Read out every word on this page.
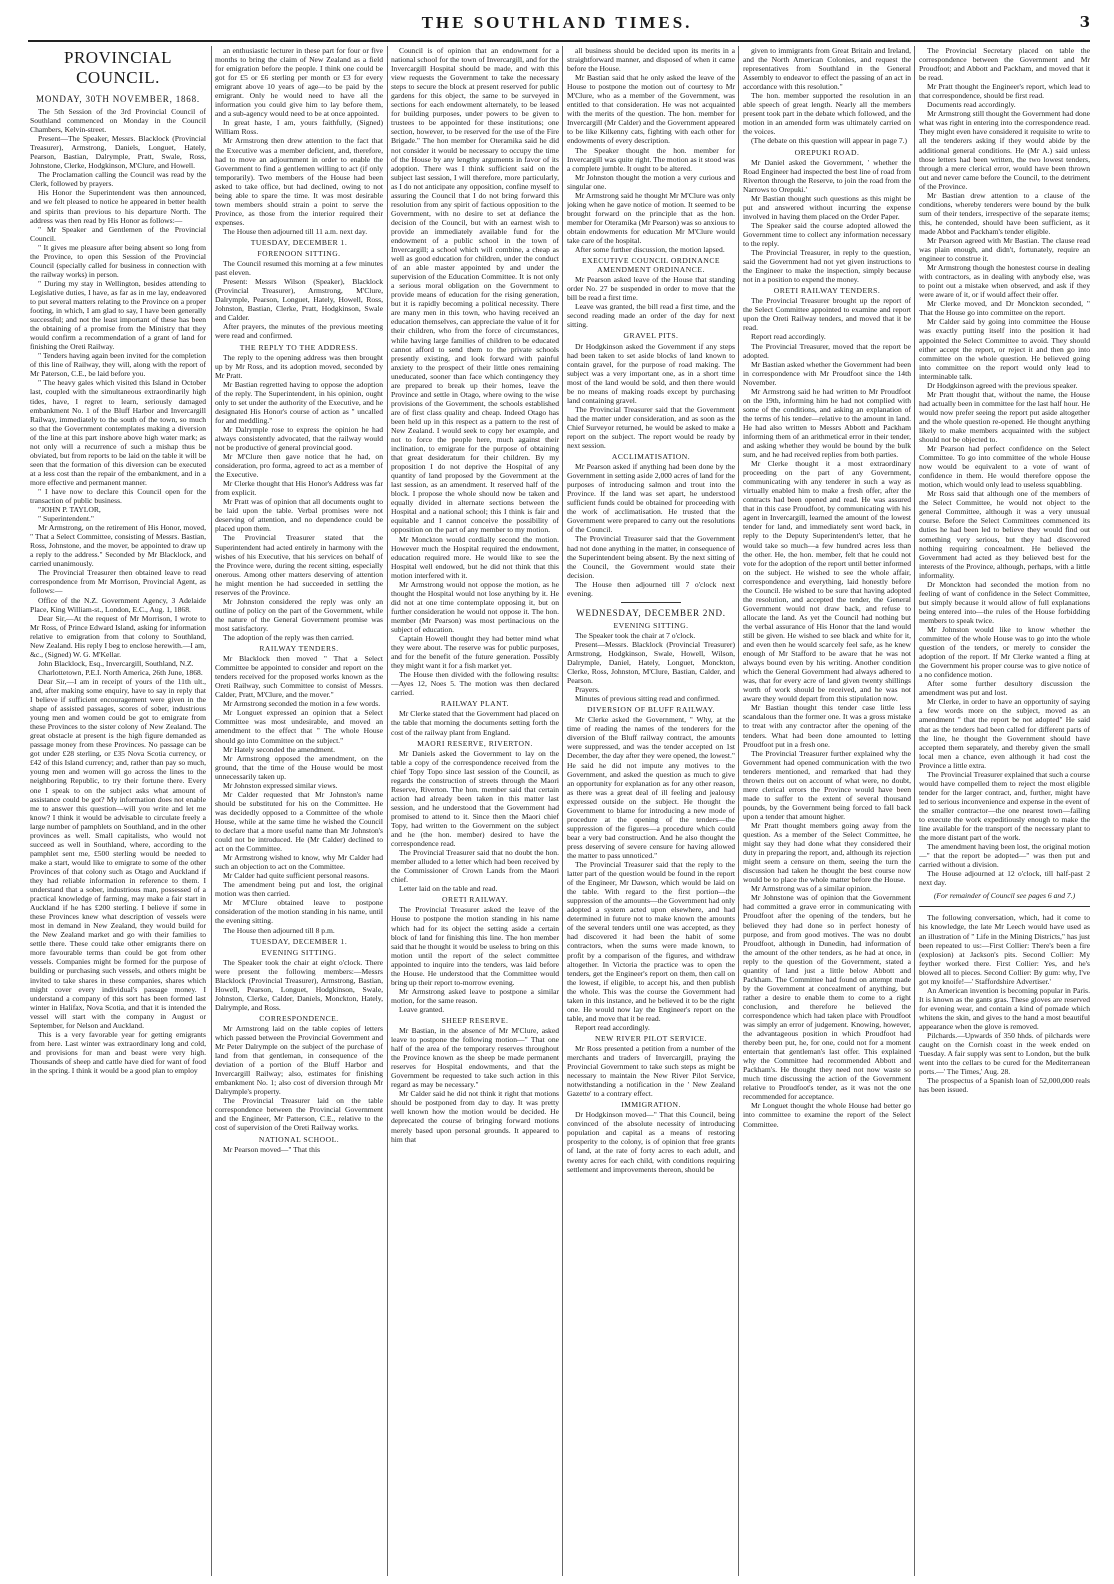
THE SOUTHLAND TIMES.	3
PROVINCIAL COUNCIL.
MONDAY, 30TH NOVEMBER, 1868.

The 5th Session of the 3rd Provincial Council of Southland commenced on Monday in the Council Chambers, Kelvin-street.

Present—The Speaker, Messrs. Blacklock (Provincial Treasurer), Armstrong, Daniels, Longuet, Hately, Pearson, Bastian, Dalrymple, Pratt, Swale, Ross, Johnstone, Clerke, Hodgkinson, M'Clure, and Howell.

The Proclamation calling the Council was read by the Clerk, followed by prayers.

His Honor the Superintendent was then announced, and we felt pleased to notice he appeared in better health and spirits than previous to his departure North. The address was then read by His Honor as follows:—

" Mr Speaker and Gentlemen of the Provincial Council.

" It gives me pleasure after being absent so long from the Province, to open this Session of the Provincial Council (specially called for business in connection with the railway works) in person.

" During my stay in Wellington, besides attending to Legislative duties, I have, as far as in me lay, endeavored to put several matters relating to the Province on a proper footing, in which, I am glad to say, I have been generally successful; and not the least important of these has been the obtaining of a promise from the Ministry that they would confirm a recommendation of a grant of land for finishing the Oreti Railway.

" Tenders having again been invited for the completion of this line of Railway, they will, along with the report of Mr Paterson, C.E., be laid before you.

" The heavy gales which visited this Island in October last, coupled with the simultaneous extraordinarily high tides, have, I regret to learn, seriously damaged embankment No. 1 of the Bluff Harbor and Invercargill Railway, immediately to the south of the town, so much so that the Government contemplates making a diversion of the line at this part inshore above high water mark; as not only will a recurrence of such a mishap thus be obviated, but from reports to be laid on the table it will be seen that the formation of this diversion can be executed at a less cost than the repair of the embankment, and in a more effective and permanent manner.

" I have now to declare this Council open for the transaction of public business.

"JOHN P. TAYLOR,

" Superintendent."

Mr Armstrong, on the retirement of His Honor, moved, " That a Select Committee, consisting of Messrs. Bastian, Ross, Johnstone, and the mover, be appointed to draw up a reply to the address." Seconded by Mr Blacklock, and carried unanimously.

The Provincial Treasurer then obtained leave to read correspondence from Mr Morrison, Provincial Agent, as follows:—

Office of the N.Z. Government Agency, 3 Adelaide Place, King William-st., London, E.C., Aug. 1, 1868.

Dear Sir,—At the request of Mr Morrison, I wrote to Mr Ross, of Prince Edward Island, asking for information relative to emigration from that colony to Southland, New Zealand. His reply I beg to enclose herewith.—I am, &c., (Signed) W. G. M'Kellar.

John Blacklock, Esq., Invercargill, Southland, N.Z.

Charlottetown, P.E.I. North America, 26th June, 1868.

Dear Sir,—I am in receipt of yours of the 11th ult., and, after making some enquiry, have to say in reply that I believe if sufficient encouragement were given in the shape of assisted passages, scores of sober, industrious young men and women could be got to emigrate from these Provinces to the sister colony of New Zealand. The great obstacle at present is the high figure demanded as passage money from these Provinces. No passage can be got under £28 sterling, or £35 Nova Scotia currency, or £42 of this Island currency; and, rather than pay so much, young men and women will go across the lines to the neighboring Republic, to try their fortune there. Every one I speak to on the subject asks what amount of assistance could be got? My information does not enable me to answer this question—will you write and let me know? I think it would be advisable to circulate freely a large number of pamphlets on Southland, and in the other provinces as well. Small capitalists, who would not succeed as well in Southland, where, according to the pamphlet sent me, £500 sterling would be needed to make a start, would like to emigrate to some of the other Provinces of that colony such as Otago and Auckland if they had reliable information in reference to them. I understand that a sober, industrious man, possessed of a practical knowledge of farming, may make a fair start in Auckland if he has £200 sterling. I believe if some in these Provinces knew what description of vessels were most in demand in New Zealand, they would build for the New Zealand market and go with their families to settle there. These could take other emigrants there on more favourable terms than could be got from other vessels. Companies might be formed for the purpose of building or purchasing such vessels, and others might be invited to take shares in these companies, shares which might cover every individual's passage money. I understand a company of this sort has been formed last winter in Halifax, Nova Scotia, and that it is intended the vessel will start with the company in August or September, for Nelson and Auckland.

This is a very favorable year for getting emigrants from here. Last winter was extraordinary long and cold, and provisions for man and beast were very high. Thousands of sheep and cattle have died for want of food in the spring. I think it would be a good plan to employ

an enthusiastic lecturer in these part for four or five months to bring the claim of New Zealand as a field for emigration before the people. I think one could be got for £5 or £6 sterling per month or £3 for every emigrant above 10 years of age—to be paid by the emigrant. Only he would need to have all the information you could give him to lay before them, and a sub-agency would need to be at once appointed.

In great haste, I am, yours faithfully, (Signed) William Ross.

Mr Armstrong then drew attention to the fact that the Executive was a member deficient, and, therefore, had to move an adjournment in order to enable the Government to find a gentlemen willing to act (if only temporarily). Two members of the House had been asked to take office, but had declined, owing to not being able to spare the time. It was most desirable town members should strain a point to serve the Province, as those from the interior required their expenses.

The House then adjourned till 11 a.m. next day.

TUESDAY, DECEMBER 1.
FORENOON SITTING.

The Council resumed this morning at a few minutes past eleven.

Present: Messrs Wilson (Speaker), Blacklock (Provincial Treasurer), Armstrong, M'Clure, Dalrymple, Pearson, Longuet, Hately, Howell, Ross, Johnston, Bastian, Clerke, Pratt, Hodgkinson, Swale and Calder.

After prayers, the minutes of the previous meeting were read and confirmed.

THE REPLY TO THE ADDRESS.

The reply to the opening address was then brought up by Mr Ross, and its adoption moved, seconded by Mr Pratt.

Mr Bastian regretted having to oppose the adoption of the reply. The Superintendent, in his opinion, ought only to set under the authority of the Executive, and he designated His Honor's course of action as " uncalled for and meddling."

Mr Dalrymple rose to express the opinion he had always consistently advocated, that the railway would not be productive of general provincial good.

Mr M'Clure then gave notice that he had, on consideration, pro forma, agreed to act as a member of the Executive.

Mr Clerke thought that His Honor's Address was far from explicit.

Mr Pratt was of opinion that all documents ought to be laid upon the table. Verbal promises were not deserving of attention, and no dependence could be placed upon them.

The Provincial Treasurer stated that the Superintendent had acted entirely in harmony with the wishes of his Executive, that his services on behalf of the Province were, during the recent sitting, especially onerous. Among other matters deserving of attention he might mention he had succeeded in settling the reserves of the Province.

Mr Johnston considered the reply was only an outline of policy on the part of the Government, while the nature of the General Government promise was most satisfactory.

The adoption of the reply was then carried.

RAILWAY TENDERS.

Mr Blacklock then moved " That a Select Committee be appointed to consider and report on the tenders received for the proposed works known as the Oreti Railway, such Committee to consist of Messrs. Calder, Pratt, M'Clure, and the mover."

Mr Armstrong seconded the motion in a few words.

Mr Longuet expressed an opinion that a Select Committee was most undesirable, and moved an amendment to the effect that " The whole House should go into Committee on the subject."

Mr Hately seconded the amendment.

Mr Armstrong opposed the amendment, on the ground, that the time of the House would be most unnecessarily taken up.

Mr Johnston expressed similar views.

Mr Calder requested that Mr Johnston's name should be substituted for his on the Committee. He was decidedly opposed to a Committee of the whole House, while at the same time he wished the Council to declare that a more useful name than Mr Johnston's could not be introduced. He (Mr Calder) declined to act on the Committee.

Mr Armstrong wished to know, why Mr Calder had such an objection to act on the Committee.

Mr Calder had quite sufficient personal reasons.

The amendment being put and lost, the original motion was then carried.

Mr M'Clure obtained leave to postpone consideration of the motion standing in his name, until the evening sitting.

The House then adjourned till 8 p.m.

TUESDAY, DECEMBER 1.
EVENING SITTING.

The Speaker took the chair at eight o'clock. There were present the following members:—Messrs Blacklock (Provincial Treasurer), Armstrong, Bastian, Howell, Pearson, Longuet, Hodgkinson, Swale, Johnston, Clerke, Calder, Daniels, Monckton, Hately, Dalrymple, and Ross.

CORRESPONDENCE.

Mr Armstrong laid on the table copies of letters which passed between the Provincial Government and Mr Peter Dalrymple on the subject of the purchase of land from that gentleman, in consequence of the deviation of a portion of the Bluff Harbor and Invercargill Railway; also, estimates for finishing embankment No. 1; also cost of diversion through Mr Dalrymple's property.

The Provincial Treasurer laid on the table correspondence between the Provincial Government and the Engineer, Mr Patterson, C.E., relative to the cost of supervision of the Oreti Railway works.

NATIONAL SCHOOL.

Mr Pearson moved—" That this

Council is of opinion that an endowment for a national school for the town of Invercargill, and for the Invercargill Hospital should be made, and with this view requests the Government to take the necessary steps to secure the block at present reserved for public gardens for this object, the same to be surveyed in sections for each endowment alternately, to be leased for building purposes, under powers to be given to trustees to be appointed for these institutions; one section, however, to be reserved for the use of the Fire Brigade." The hon member for Oteramika said he did not consider it would be necessary to occupy the time of the House by any lengthy arguments in favor of its adoption. There was I think sufficient said on the subject last session, I will therefore, more particularly, as I do not anticipate any opposition, confine myself to assuring the Council that I do not bring forward this resolution from any spirit of factious opposition to the Government, with no desire to set at defiance the decision of the Council, but with an earnest wish to provide an immediately available fund for the endowment of a public school in the town of Invercargill; a school which will combine, a cheap as well as good education for children, under the conduct of an able master appointed by and under the supervision of the Education Committee. It is not only a serious moral obligation on the Government to provide means of education for the rising generation, but it is rapidly becoming a political necessity. There are many men in this town, who having received an education themselves, can appreciate the value of it for their children, who from the force of circumstances, while having large families of children to be educated cannot afford to send them to the private schools presently existing, and look forward with painful anxiety to the prospect of their little ones remaining uneducated, sooner than face which contingency they are prepared to break up their homes, leave the Province and settle in Otago, where owing to the wise provisions of the Government, the schools established are of first class quality and cheap. Indeed Otago has been held up in this respect as a pattern to the rest of New Zealand. I would seek to copy her example, and not to force the people here, much against their inclination, to emigrate for the purpose of obtaining that great desideratum for their children. By my proposition I do not deprive the Hospital of any quantity of land proposed by the Government at the last session, as an amendment. It reserved half of the block. I propose the whole should now be taken and equally divided in alternate sections between the Hospital and a national school; this I think is fair and equitable and I cannot conceive the possibility of opposition on the part of any member to my motion.

Mr Monckton would cordially second the motion. However much the Hospital required the endowment, education required more. He would like to see the Hospital well endowed, but he did not think that this motion interfered with it.

Mr Armstrong would not oppose the motion, as he thought the Hospital would not lose anything by it. He did not at one time contemplate opposing it, but on further consideration he would not oppose it. The hon. member (Mr Pearson) was most pertinacious on the subject of education.

Captain Howell thought they had better mind what they were about. The reserve was for public purposes, and for the benefit of the future generation. Possibly they might want it for a fish market yet.

The House then divided with the following results:—Ayes 12, Noes 5. The motion was then declared carried.

RAILWAY PLANT.

Mr Clerke stated that the Government had placed on the table that morning the documents setting forth the cost of the railway plant from England.

MAORI RESERVE, RIVERTON.

Mr Daniels asked the Government to lay on the table a copy of the correspondence received from the chief Topy Topo since last session of the Council, as regards the construction of streets through the Maori Reserve, Riverton. The hon. member said that certain action had already been taken in this matter last session, and he understood that the Government had promised to attend to it. Since then the Maori chief Topy, had written to the Government on the subject and he (the hon. member) desired to have the correspondence read.

The Provincial Treasurer said that no doubt the hon. member alluded to a letter which had been received by the Commissioner of Crown Lands from the Maori chief.

Letter laid on the table and read.

ORETI RAILWAY.

The Provincial Treasurer asked the leave of the House to postpone the motion standing in his name which had for its object the setting aside a certain block of land for finishing this line. The hon member said that he thought it would be useless to bring on this motion until the report of the select committee appointed to inquire into the tenders, was laid before the House. He understood that the Committee would bring up their report to-morrow evening.

Mr Armstrong asked leave to postpone a similar motion, for the same reason.

Leave granted.

SHEEP RESERVE.

Mr Bastian, in the absence of Mr M'Clure, asked leave to postpone the following motion—" That one half of the area of the temporary reserves throughout the Province known as the sheep be made permanent reserves for Hospital endowments, and that the Government be requested to take such action in this regard as may be necessary."

Mr Calder said he did not think it right that motions should be postponed from day to day. It was pretty well known how the motion would be decided. He deprecated the course of bringing forward motions merely based upon personal grounds. It appeared to him that

all business should be decided upon its merits in a straightforward manner, and disposed of when it came before the House.

Mr Bastian said that he only asked the leave of the House to postpone the motion out of courtesy to Mr M'Clure, who as a member of the Government, was entitled to that consideration. He was not acquainted with the merits of the question. The hon. member for Invercargill (Mr Calder) and the Government appeared to be like Kilkenny cats, fighting with each other for endowments of every description.

The Speaker thought the hon. member for Invercargill was quite right. The motion as it stood was a complete jumble. It ought to be altered.

Mr Johnston thought the motion a very curious and singular one.

Mr Armstrong said he thought Mr M'Clure was only joking when he gave notice of motion. It seemed to be brought forward on the principle that as the hon. member for Oteramika (Mr Pearson) was so anxious to obtain endowments for education Mr M'Clure would take care of the hospital.

After some further discussion, the motion lapsed.

EXECUTIVE COUNCIL ORDINANCE AMENDMENT ORDINANCE.

Mr Pearson asked leave of the House that standing order No. 27 be suspended in order to move that the bill be read a first time.

Leave was granted, the bill read a first time, and the second reading made an order of the day for next sitting.

GRAVEL PITS.

Dr Hodgkinson asked the Government if any steps had been taken to set aside blocks of land known to contain gravel, for the purpose of road making. The subject was a very important one, as in a short time most of the land would be sold, and then there would be no means of making roads except by purchasing land containing gravel.

The Provincial Treasurer said that the Government had the matter under consideration, and as soon as the Chief Surveyor returned, he would be asked to make a report on the subject. The report would be ready by next session.

ACCLIMATISATION.

Mr Pearson asked if anything had been done by the Government in setting aside 2,000 acres of land for the purposes of introducing salmon and trout into the Province. If the land was set apart, he understood sufficient funds could be obtained for proceeding with the work of acclimatisation. He trusted that the Government were prepared to carry out the resolutions of the Council.

The Provincial Treasurer said that the Government had not done anything in the matter, in consequence of the Superintendent being absent. By the next sitting of the Council, the Government would state their decision.

The House then adjourned till 7 o'clock next evening.

WEDNESDAY, DECEMBER 2ND.
EVENING SITTING.

The Speaker took the chair at 7 o'clock.

Present—Messrs. Blacklock (Provincial Treasurer) Armstrong, Hodgkinson, Swale, Howell, Wilson, Dalrymple, Daniel, Hately, Longuet, Monckton, Clerke, Ross, Johnston, M'Clure, Bastian, Calder, and Pearson.

Prayers.

Minutes of previous sitting read and confirmed.

DIVERSION OF BLUFF RAILWAY.

Mr Clerke asked the Government, " Why, at the time of reading the names of the tenderers for the diversion of the Bluff railway contract, the amounts were suppressed, and was the tender accepted on 1st December, the day after they were opened, the lowest." He said he did not impute any motives to the Government, and asked the question as much to give an opportunity for explanation as for any other reason, as there was a great deal of ill feeling and jealousy expressed outside on the subject. He thought the Government to blame for introducing a new mode of procedure at the opening of the tenders—the suppression of the figures—a procedure which could bear a very bad construction. And he also thought the press deserving of severe censure for having allowed the matter to pass unnoticed."

The Provincial Treasurer said that the reply to the latter part of the question would be found in the report of the Engineer, Mr Dawson, which would be laid on the table. With regard to the first portion—the suppression of the amounts—the Government had only adopted a system acted upon elsewhere, and had determined in future not to make known the amounts of the several tenders until one was accepted, as they had discovered it had been the habit of some contractors, when the sums were made known, to profit by a comparison of the figures, and withdraw altogether. In Victoria the practice was to open the tenders, get the Engineer's report on them, then call on the lowest, if eligible, to accept his, and then publish the whole. This was the course the Government had taken in this instance, and he believed it to be the right one. He would now lay the Engineer's report on the table, and move that it be read.

Report read accordingly.

NEW RIVER PILOT SERVICE.

Mr Ross presented a petition from a number of the merchants and traders of Invercargill, praying the Provincial Government to take such steps as might be necessary to maintain the New River Pilot Service, notwithstanding a notification in the ' New Zealand Gazette' to a contrary effect.

IMMIGRATION.

Dr Hodgkinson moved—" That this Council, being convinced of the absolute necessity of introducing population and capital as a means of restoring prosperity to the colony, is of opinion that free grants of land, at the rate of forty acres to each adult, and twenty acres for each child, with conditions requiring settlement and improvements thereon, should be

given to immigrants from Great Britain and Ireland, and the North American Colonies, and request the representatives from Southland in the General Assembly to endeavor to effect the passing of an act in accordance with this resolution."

The hon. member supported the resolution in an able speech of great length. Nearly all the members present took part in the debate which followed, and the motion in an amended form was ultimately carried on the voices.

(The debate on this question will appear in page 7.)

OREPUKI ROAD.

Mr Daniel asked the Government, ' whether the Road Engineer had inspected the best line of road from Riverton through the Reserve, to join the road from the Narrows to Orepuki.'

Mr Bastian thought such questions as this might be put and answered without incurring the expense involved in having them placed on the Order Paper.

The Speaker said the course adopted allowed the Government time to collect any information necessary to the reply.

The Provincial Treasurer, in reply to the question, said the Government had not yet given instructions to the Engineer to make the inspection, simply because not in a position to expend the money.

ORETI RAILWAY TENDERS.

The Provincial Treasurer brought up the report of the Select Committee appointed to examine and report upon the Oreti Railway tenders, and moved that it be read.

Report read accordingly.

The Provincial Treasurer, moved that the report be adopted.

Mr Bastian asked whether the Government had been in correspondence with Mr Proudfoot since the 14th November.

Mr Armstrong said he had written to Mr Proudfoot on the 19th, informing him he had not complied with some of the conditions, and asking an explanation of the terms of his tender—relative to the amount in land. He had also written to Messrs Abbott and Packham informing them of an arithmetical error in their tender, and asking whether they would be bound by the bulk sum, and he had received replies from both parties.

Mr Clerke thought it a most extraordinary proceeding on the part of any Government, communicating with any tenderer in such a way as virtually enabled him to make a fresh offer, after the contracts had been opened and read. He was assured that in this case Proudfoot, by communicating with his agent in Invercargill, learned the amount of the lowest tender for land, and immediately sent word back, in reply to the Deputy Superintendent's letter, that he would take so much—a few hundred acres less than the other. He, the hon. member, felt that he could not vote for the adoption of the report until better informed on the subject. He wished to see the whole affair, correspondence and everything, laid honestly before the Council. He wished to be sure that having adopted the resolution, and accepted the tender, the General Government would not draw back, and refuse to allocate the land. As yet the Council had nothing but the verbal assurance of His Honor that the land would still be given. He wished to see black and white for it, and even then he would scarcely feel safe, as he knew enough of Mr Stafford to be aware that he was not always bound even by his writing. Another condition which the General Government had always adhered to was, that for every acre of land given twenty shillings worth of work should be received, and he was not aware they would depart from this stipulation now.

Mr Bastian thought this tender case little less scandalous than the former one. It was a gross mistake to treat with any contractor after the opening of the tenders. What had been done amounted to letting Proudfoot put in a fresh one.

The Provincial Treasurer further explained why the Government had opened communication with the two tenderers mentioned, and remarked that had they thrown theirs out on account of what were, no doubt, mere clerical errors the Province would have been made to suffer to the extent of several thousand pounds, by the Government being forced to fall back upon a tender that amount higher.

Mr Pratt thought members going away from the question. As a member of the Select Committee, he might say they had done what they considered their duty in preparing the report, and, although its rejection might seem a censure on them, seeing the turn the discussion had taken he thought the best course now would be to place the whole matter before the House.

Mr Armstrong was of a similar opinion.

Mr Johnstone was of opinion that the Government had committed a grave error in communicating with Proudfoot after the opening of the tenders, but he believed they had done so in perfect honesty of purpose, and from good motives. The was no doubt Proudfoot, although in Dunedin, had information of the amount of the other tenders, as he had at once, in reply to the question of the Government, stated a quantity of land just a little below Abbott and Packham. The Committee had found on attempt made by the Government at concealment of anything, but rather a desire to enable them to come to a right conclusion, and therefore he believed the correspondence which had taken place with Proudfoot was simply an error of judgement. Knowing, however, the advantageous position in which Proudfoot had thereby been put, he, for one, could not for a moment entertain that gentleman's last offer. This explained why the Committee had recommended Abbott and Packham's. He thought they need not now waste so much time discussing the action of the Government relative to Proudfoot's tender, as it was not the one recommended for acceptance.

Mr Longuet thought the whole House had better go into committee to examine the report of the Select Committee.

The Provincial Secretary placed on table the correspondence between the Government and Mr Proudfoot; and Abbott and Packham, and moved that it be read.

Mr Pratt thought the Engineer's report, which lead to that correspondence, should be first read.

Documents read accordingly.

Mr Armstrong still thought the Government had done what was right in entering into the correspondence read. They might even have considered it requisite to write to all the tenderers asking if they would abide by the additional general conditions. He (Mr A.) said unless those letters had been written, the two lowest tenders, through a mere clerical error, would have been thrown out and never came before the Council, to the detriment of the Province.

Mr Bastian drew attention to a clause of the conditions, whereby tenderers were bound by the bulk sum of their tenders, irrespective of the separate items; this, he contended, should have been sufficient, as it made Abbot and Packham's tender eligible.

Mr Pearson agreed with Mr Bastian. The clause read was plain enough, and didn't, fortunately, require an engineer to construe it.

Mr Armstrong though the honestest course in dealing with contractors, as in dealing with anybody else, was to point out a mistake when observed, and ask if they were aware of it, or if would affect their offer.

Mr Clerke moved, and Dr Monckton seconded, " That the House go into committee on the report.

Mr Calder said by going into committee the House was exactly putting itself into the position it had appointed the Select Committee to avoid. They should either accept the report, or reject it and then go into committee on the whole question. He believed going into committee on the report would only lead to interminable talk.

Dr Hodgkinson agreed with the previous speaker.

Mr Pratt thought that, without the name, the House had actually been in committee for the last half hour. He would now prefer seeing the report put aside altogether and the whole question re-opened. He thought anything likely to make members acquainted with the subject should not be objected to.

Mr Pearson had perfect confidence on the Select Committee. To go into committee of the whole House now would be equivalent to a vote of want of confidence in them. He would therefore oppose the motion, which would only lead to useless squabbling.

Mr Ross said that although one of the members of the Select Committee, he would not object to the general Committee, although it was a very unusual course. Before the Select Committees commenced its duties he had been led to believe they would find out something very serious, but they had discovered nothing requiring concealment. He believed the Government had acted as they believed best for the interests of the Province, although, perhaps, with a little informality.

Dr Monckton had seconded the motion from no feeling of want of confidence in the Select Committee, but simply because it would allow of full explanations being entered into—the rules of the House forbidding members to speak twice.

Mr Johnston would like to know whether the committee of the whole House was to go into the whole question of the tenders, or merely to consider the adoption of the report. If Mr Clerke wanted a fling at the Government his proper course was to give notice of a no confidence motion.

After some further desultory discussion the amendment was put and lost.

Mr Clerke, in order to have an opportunity of saying a few words more on the subject, moved as an amendment " that the report be not adopted" He said that as the tenders had been called for different parts of the line, he thought the Government should have accepted them separately, and thereby given the small local men a chance, even although it had cost the Province a little extra.

The Provincial Treasurer explained that such a course would have compelled them to reject the most eligible tender for the larger contract, and, further, might have led to serious inconvenience and expense in the event of the smaller contractor—the one nearest town—failing to execute the work expeditiously enough to make the line available for the transport of the necessary plant to the more distant part of the work.

The amendment having been lost, the original motion—" that the report be adopted—" was then put and carried without a division.

The House adjourned at 12 o'clock, till half-past 2 next day.

(For remainder of Council see pages 6 and 7.)

The following conversation, which, had it come to his knowledge, the late Mr Leech would have used as an illustration of " Life in the Mining Districts," has just been repeated to us:—First Collier: There's been a fire (explosion) at Jackson's pits. Second Collier: My feyther worked there. First Collier: Yes, and he's blowed all to pieces. Second Collier: By gum: why, I've got my knoife!—' Staffordshire Advertiser.'

An American invention is becoming popular in Paris. It is known as the gants gras. These gloves are reserved for evening wear, and contain a kind of pomade which whitens the skin, and gives to the hand a most beautiful appearance when the glove is removed.

Pilchards.—Upwards of 350 hhds. of pilchards were caught on the Cornish coast in the week ended on Tuesday. A fair supply was sent to London, but the bulk went into the cellars to be cured for the Mediterranean ports.—' The Times,' Aug. 28.

The prospectus of a Spanish loan of 52,000,000 reals has been issued.
